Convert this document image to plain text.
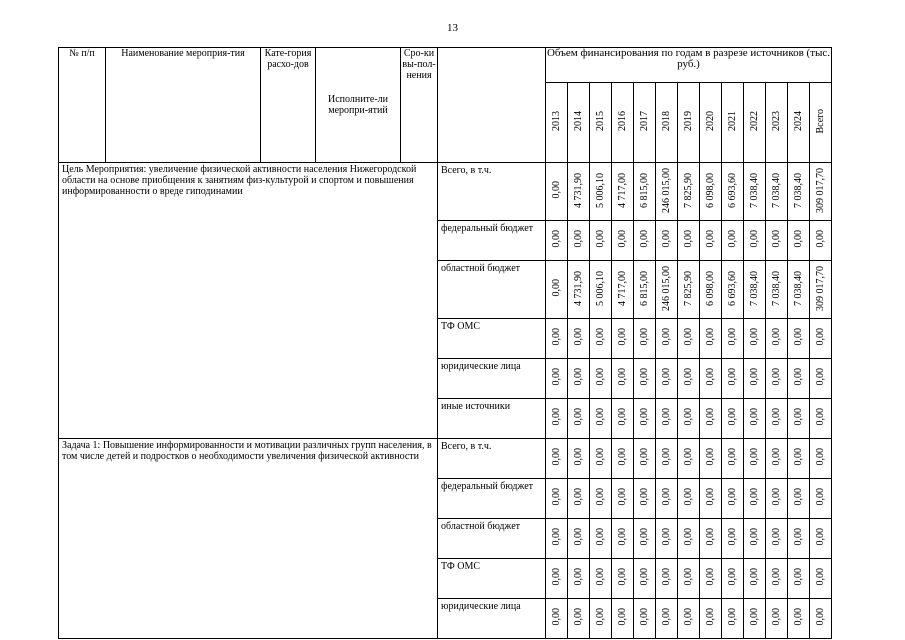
13
№ п/п	Наименование мероприя-тия	Кате-гория расхо-дов	Исполните-ли меропри-ятий	Сро-ки вы-пол-нения		Объем финансирования по годам в разрезе источников (тыс. руб.)												
						2013	2014	2015	2016	2017	2018	2019	2020	2021	2022	2023	2024	Всего
Цель Мероприятия: увеличение физической активности населения Нижегородской области на основе приобщения к занятиям физ-культурой и спортом и повышения информированности о вреде гиподинамии					Всего, в т.ч.	0,00	4 731,90	5 006,10	4 717,00	6 815,00	246 015,00	7 825,90	6 098,00	6 693,60	7 038,40	7 038,40	7 038,40	309 017,70
					федеральный бюджет	0,00	0,00	0,00	0,00	0,00	0,00	0,00	0,00	0,00	0,00	0,00	0,00	0,00
					областной бюджет	0,00	4 731,90	5 006,10	4 717,00	6 815,00	246 015,00	7 825,90	6 098,00	6 693,60	7 038,40	7 038,40	7 038,40	309 017,70
					ТФ ОМС	0,00	0,00	0,00	0,00	0,00	0,00	0,00	0,00	0,00	0,00	0,00	0,00	0,00
					юридические лица	0,00	0,00	0,00	0,00	0,00	0,00	0,00	0,00	0,00	0,00	0,00	0,00	0,00
					иные источники	0,00	0,00	0,00	0,00	0,00	0,00	0,00	0,00	0,00	0,00	0,00	0,00	0,00
Задача 1: Повышение информированности и мотивации различных групп населения, в том числе детей и подростков о необходимости увеличения физической активности					Всего, в т.ч.	0,00	0,00	0,00	0,00	0,00	0,00	0,00	0,00	0,00	0,00	0,00	0,00	0,00
					федеральный бюджет	0,00	0,00	0,00	0,00	0,00	0,00	0,00	0,00	0,00	0,00	0,00	0,00	0,00
					областной бюджет	0,00	0,00	0,00	0,00	0,00	0,00	0,00	0,00	0,00	0,00	0,00	0,00	0,00
					ТФ ОМС	0,00	0,00	0,00	0,00	0,00	0,00	0,00	0,00	0,00	0,00	0,00	0,00	0,00
					юридические лица	0,00	0,00	0,00	0,00	0,00	0,00	0,00	0,00	0,00	0,00	0,00	0,00	0,00
